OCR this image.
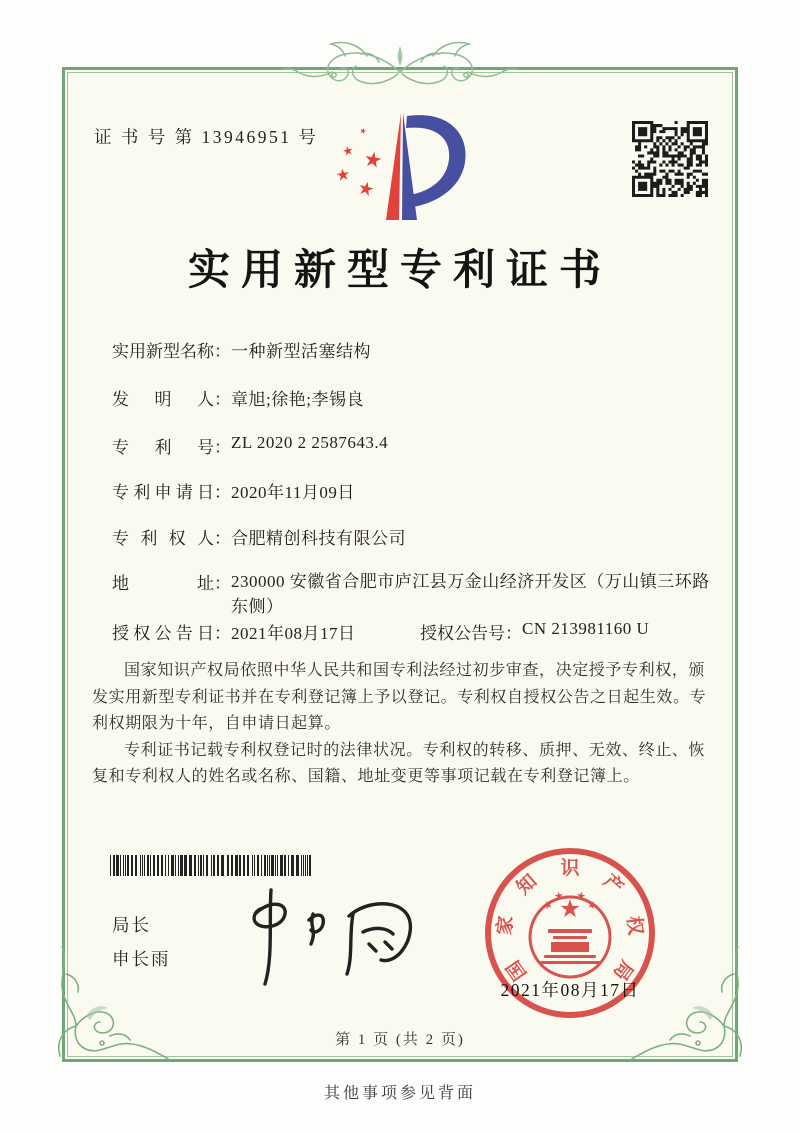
证 书 号 第 13946951 号
实用新型专利证书
实用新型名称：一种新型活塞结构
发明人：章旭;徐艳;李锡良
专利号：ZL 2020 2 2587643.4
专利申请日：2020年11月09日
专利权人：合肥精创科技有限公司
地址：230000 安徽省合肥市庐江县万金山经济开发区（万山镇三环路东侧）
授权公告日：2021年08月17日	授权公告号：CN 213981160 U

国家知识产权局依照中华人民共和国专利法经过初步审查，决定授予专利权，颁发实用新型专利证书并在专利登记簿上予以登记。专利权自授权公告之日起生效。专利权期限为十年，自申请日起算。

专利证书记载专利权登记时的法律状况。专利权的转移、质押、无效、终止、恢复和专利权人的姓名或名称、国籍、地址变更等事项记载在专利登记簿上。

局长
申长雨	国
家
知
识
产
权
局
2021年08月17日
第 1 页 (共 2 页)
其他事项参见背面
